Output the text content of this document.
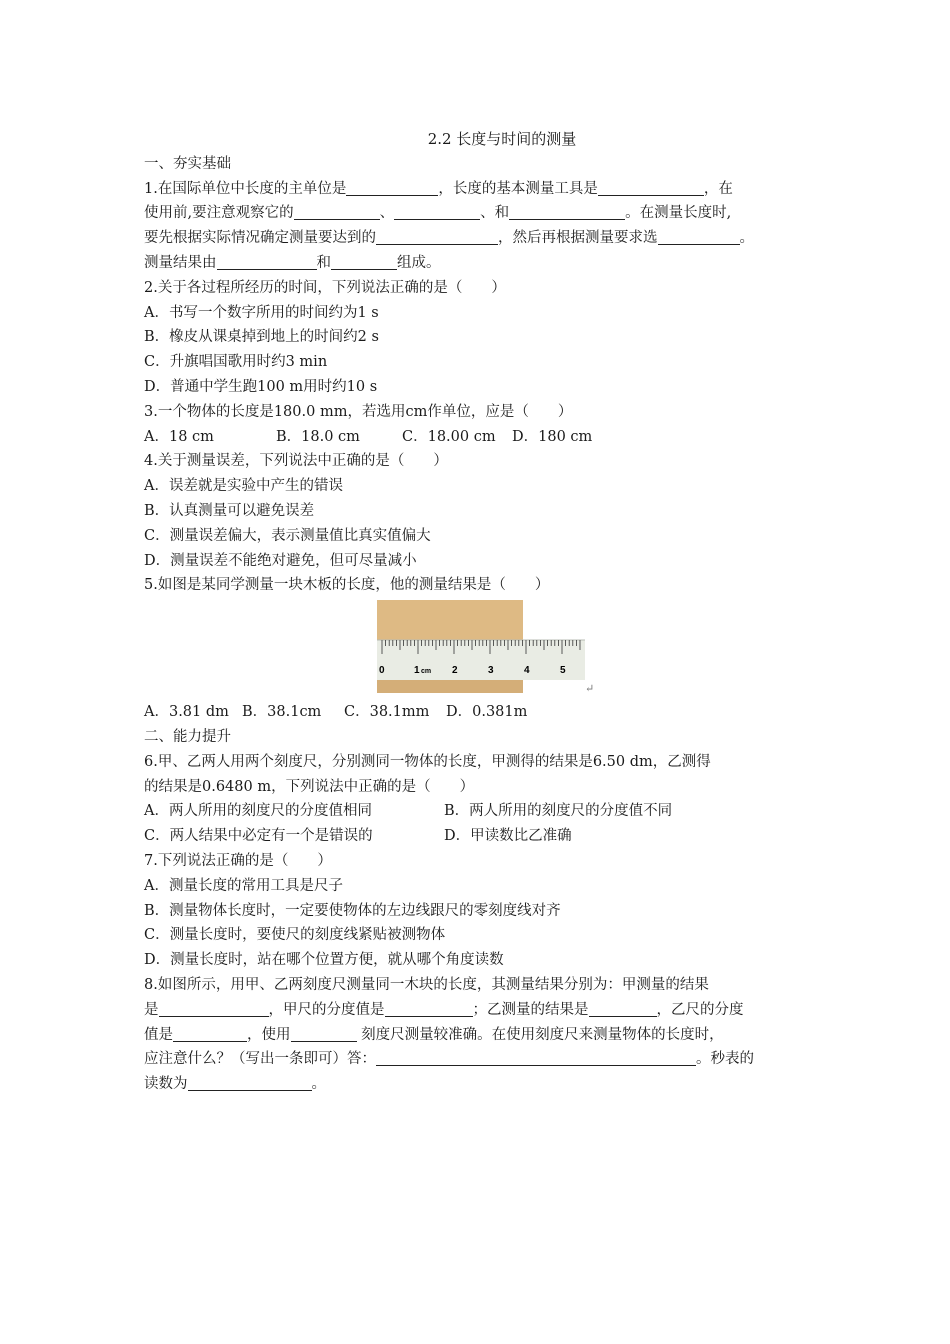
2.2 长度与时间的测量
一、夯实基础
1.在国际单位中长度的主单位是	，长度的基本测量工具是	，在
使用前,要注意观察它的	、	、和	。在测量长度时,
要先根据实际情况确定测量要达到的	，然后再根据测量要求选	。
测量结果由	和	组成。
2.关于各过程所经历的时间，下列说法正确的是（　　）
A．书写一个数字所用的时间约为1 s
B．橡皮从课桌掉到地上的时间约2 s
C．升旗唱国歌用时约3 min
D．普通中学生跑100 m用时约10 s
3.一个物体的长度是180.0 mm，若选用cm作单位，应是（　　）
A．18 cm	B．18.0 cm	C．18.00 cm D．180 cm
4.关于测量误差，下列说法中正确的是（　　）
A．误差就是实验中产生的错误
B．认真测量可以避免误差
C．测量误差偏大，表示测量值比真实值偏大
D．测量误差不能绝对避免，但可尽量减小
5.如图是某同学测量一块木板的长度，他的测量结果是（　　）
0	1 cm 2	3	4	5
↵
A．3.81 dm B．38.1cm C．38.1mm D．0.381m
二、能力提升
6.甲、乙两人用两个刻度尺，分别测同一物体的长度，甲测得的结果是6.50 dm，乙测得
的结果是0.6480 m，下列说法中正确的是（　　）
A．两人所用的刻度尺的分度值相同	B．两人所用的刻度尺的分度值不同
C．两人结果中必定有一个是错误的	D．甲读数比乙准确
7.下列说法正确的是（　　）
A．测量长度的常用工具是尺子
B．测量物体长度时，一定要使物体的左边线跟尺的零刻度线对齐
C．测量长度时，要使尺的刻度线紧贴被测物体
D．测量长度时，站在哪个位置方便，就从哪个角度读数
8.如图所示，用甲、乙两刻度尺测量同一木块的长度，其测量结果分别为：甲测量的结果
是	，甲尺的分度值是	；乙测量的结果是	，乙尺的分度
值是	，使用	刻度尺测量较准确。在使用刻度尺来测量物体的长度时，
应注意什么？（写出一条即可）答：	。秒表的
读数为	。
